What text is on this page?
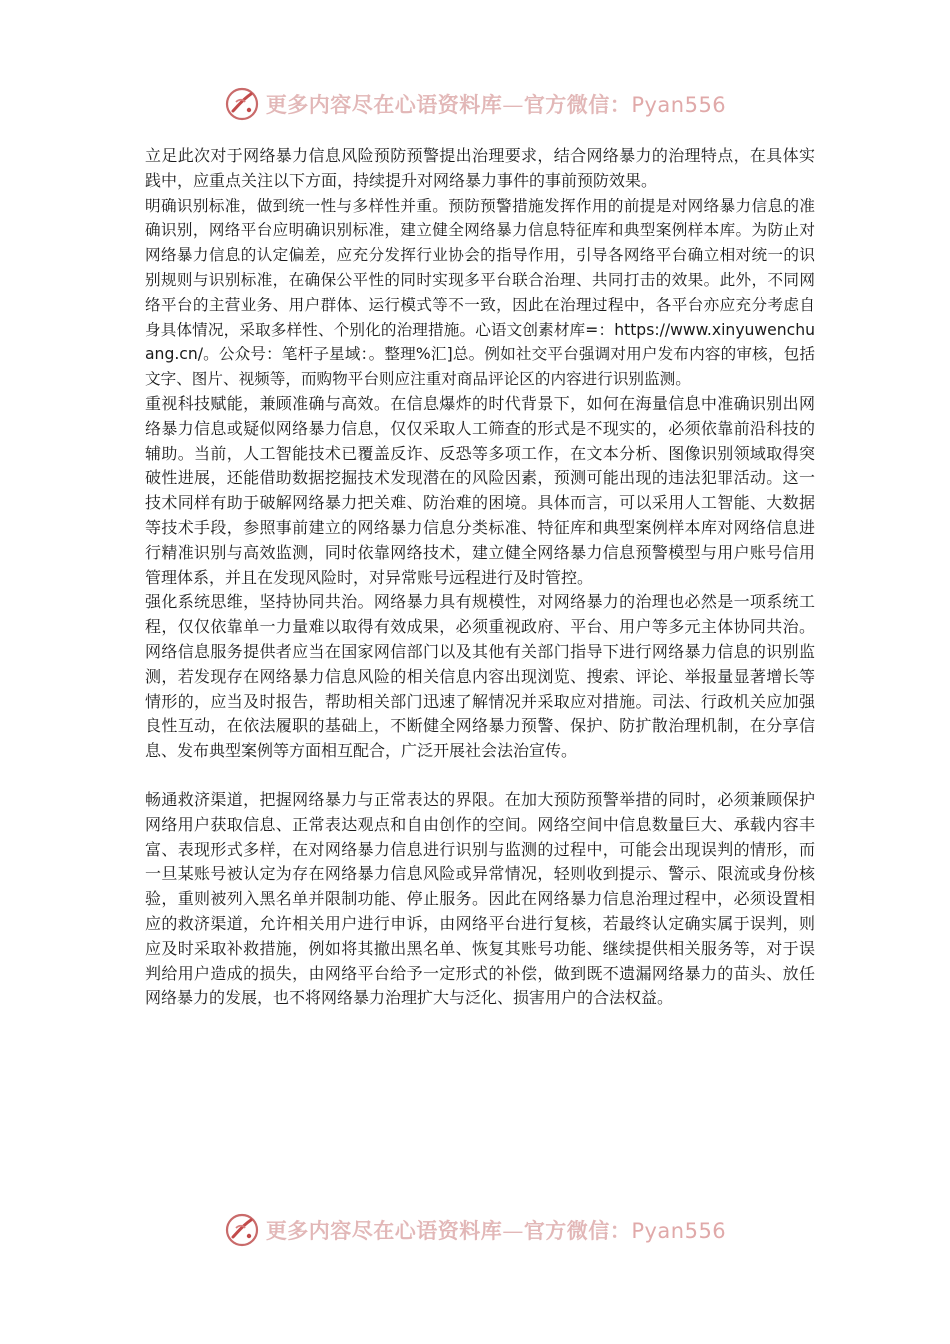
更多内容尽在心语资料库—官方微信：Pyan556

立足此次对于网络暴力信息风险预防预警提出治理要求，结合网络暴力的治理特点，在具体实践中，应重点关注以下方面，持续提升对网络暴力事件的事前预防效果。

明确识别标准，做到统一性与多样性并重。预防预警措施发挥作用的前提是对网络暴力信息的准确识别，网络平台应明确识别标准，建立健全网络暴力信息特征库和典型案例样本库。为防止对网络暴力信息的认定偏差，应充分发挥行业协会的指导作用，引导各网络平台确立相对统一的识别规则与识别标准，在确保公平性的同时实现多平台联合治理、共同打击的效果。此外，不同网络平台的主营业务、用户群体、运行模式等不一致，因此在治理过程中，各平台亦应充分考虑自身具体情况，采取多样性、个别化的治理措施。心语文创素材库=：https://www.xinyuwenchuang.cn/。公众号：笔杆子星域：。整理%汇]总。例如社交平台强调对用户发布内容的审核，包括文字、图片、视频等，而购物平台则应注重对商品评论区的内容进行识别监测。

重视科技赋能，兼顾准确与高效。在信息爆炸的时代背景下，如何在海量信息中准确识别出网络暴力信息或疑似网络暴力信息，仅仅采取人工筛查的形式是不现实的，必须依靠前沿科技的辅助。当前，人工智能技术已覆盖反诈、反恐等多项工作，在文本分析、图像识别领域取得突破性进展，还能借助数据挖掘技术发现潜在的风险因素，预测可能出现的违法犯罪活动。这一技术同样有助于破解网络暴力把关难、防治难的困境。具体而言，可以采用人工智能、大数据等技术手段，参照事前建立的网络暴力信息分类标准、特征库和典型案例样本库对网络信息进行精准识别与高效监测，同时依靠网络技术，建立健全网络暴力信息预警模型与用户账号信用管理体系，并且在发现风险时，对异常账号远程进行及时管控。

强化系统思维，坚持协同共治。网络暴力具有规模性，对网络暴力的治理也必然是一项系统工程，仅仅依靠单一力量难以取得有效成果，必须重视政府、平台、用户等多元主体协同共治。网络信息服务提供者应当在国家网信部门以及其他有关部门指导下进行网络暴力信息的识别监测，若发现存在网络暴力信息风险的相关信息内容出现浏览、搜索、评论、举报量显著增长等情形的，应当及时报告，帮助相关部门迅速了解情况并采取应对措施。司法、行政机关应加强良性互动，在依法履职的基础上，不断健全网络暴力预警、保护、防扩散治理机制，在分享信息、发布典型案例等方面相互配合，广泛开展社会法治宣传。

畅通救济渠道，把握网络暴力与正常表达的界限。在加大预防预警举措的同时，必须兼顾保护网络用户获取信息、正常表达观点和自由创作的空间。网络空间中信息数量巨大、承载内容丰富、表现形式多样，在对网络暴力信息进行识别与监测的过程中，可能会出现误判的情形，而一旦某账号被认定为存在网络暴力信息风险或异常情况，轻则收到提示、警示、限流或身份核验，重则被列入黑名单并限制功能、停止服务。因此在网络暴力信息治理过程中，必须设置相应的救济渠道，允许相关用户进行申诉，由网络平台进行复核，若最终认定确实属于误判，则应及时采取补救措施，例如将其撤出黑名单、恢复其账号功能、继续提供相关服务等，对于误判给用户造成的损失，由网络平台给予一定形式的补偿，做到既不遗漏网络暴力的苗头、放任网络暴力的发展，也不将网络暴力治理扩大与泛化、损害用户的合法权益。

更多内容尽在心语资料库—官方微信：Pyan556
